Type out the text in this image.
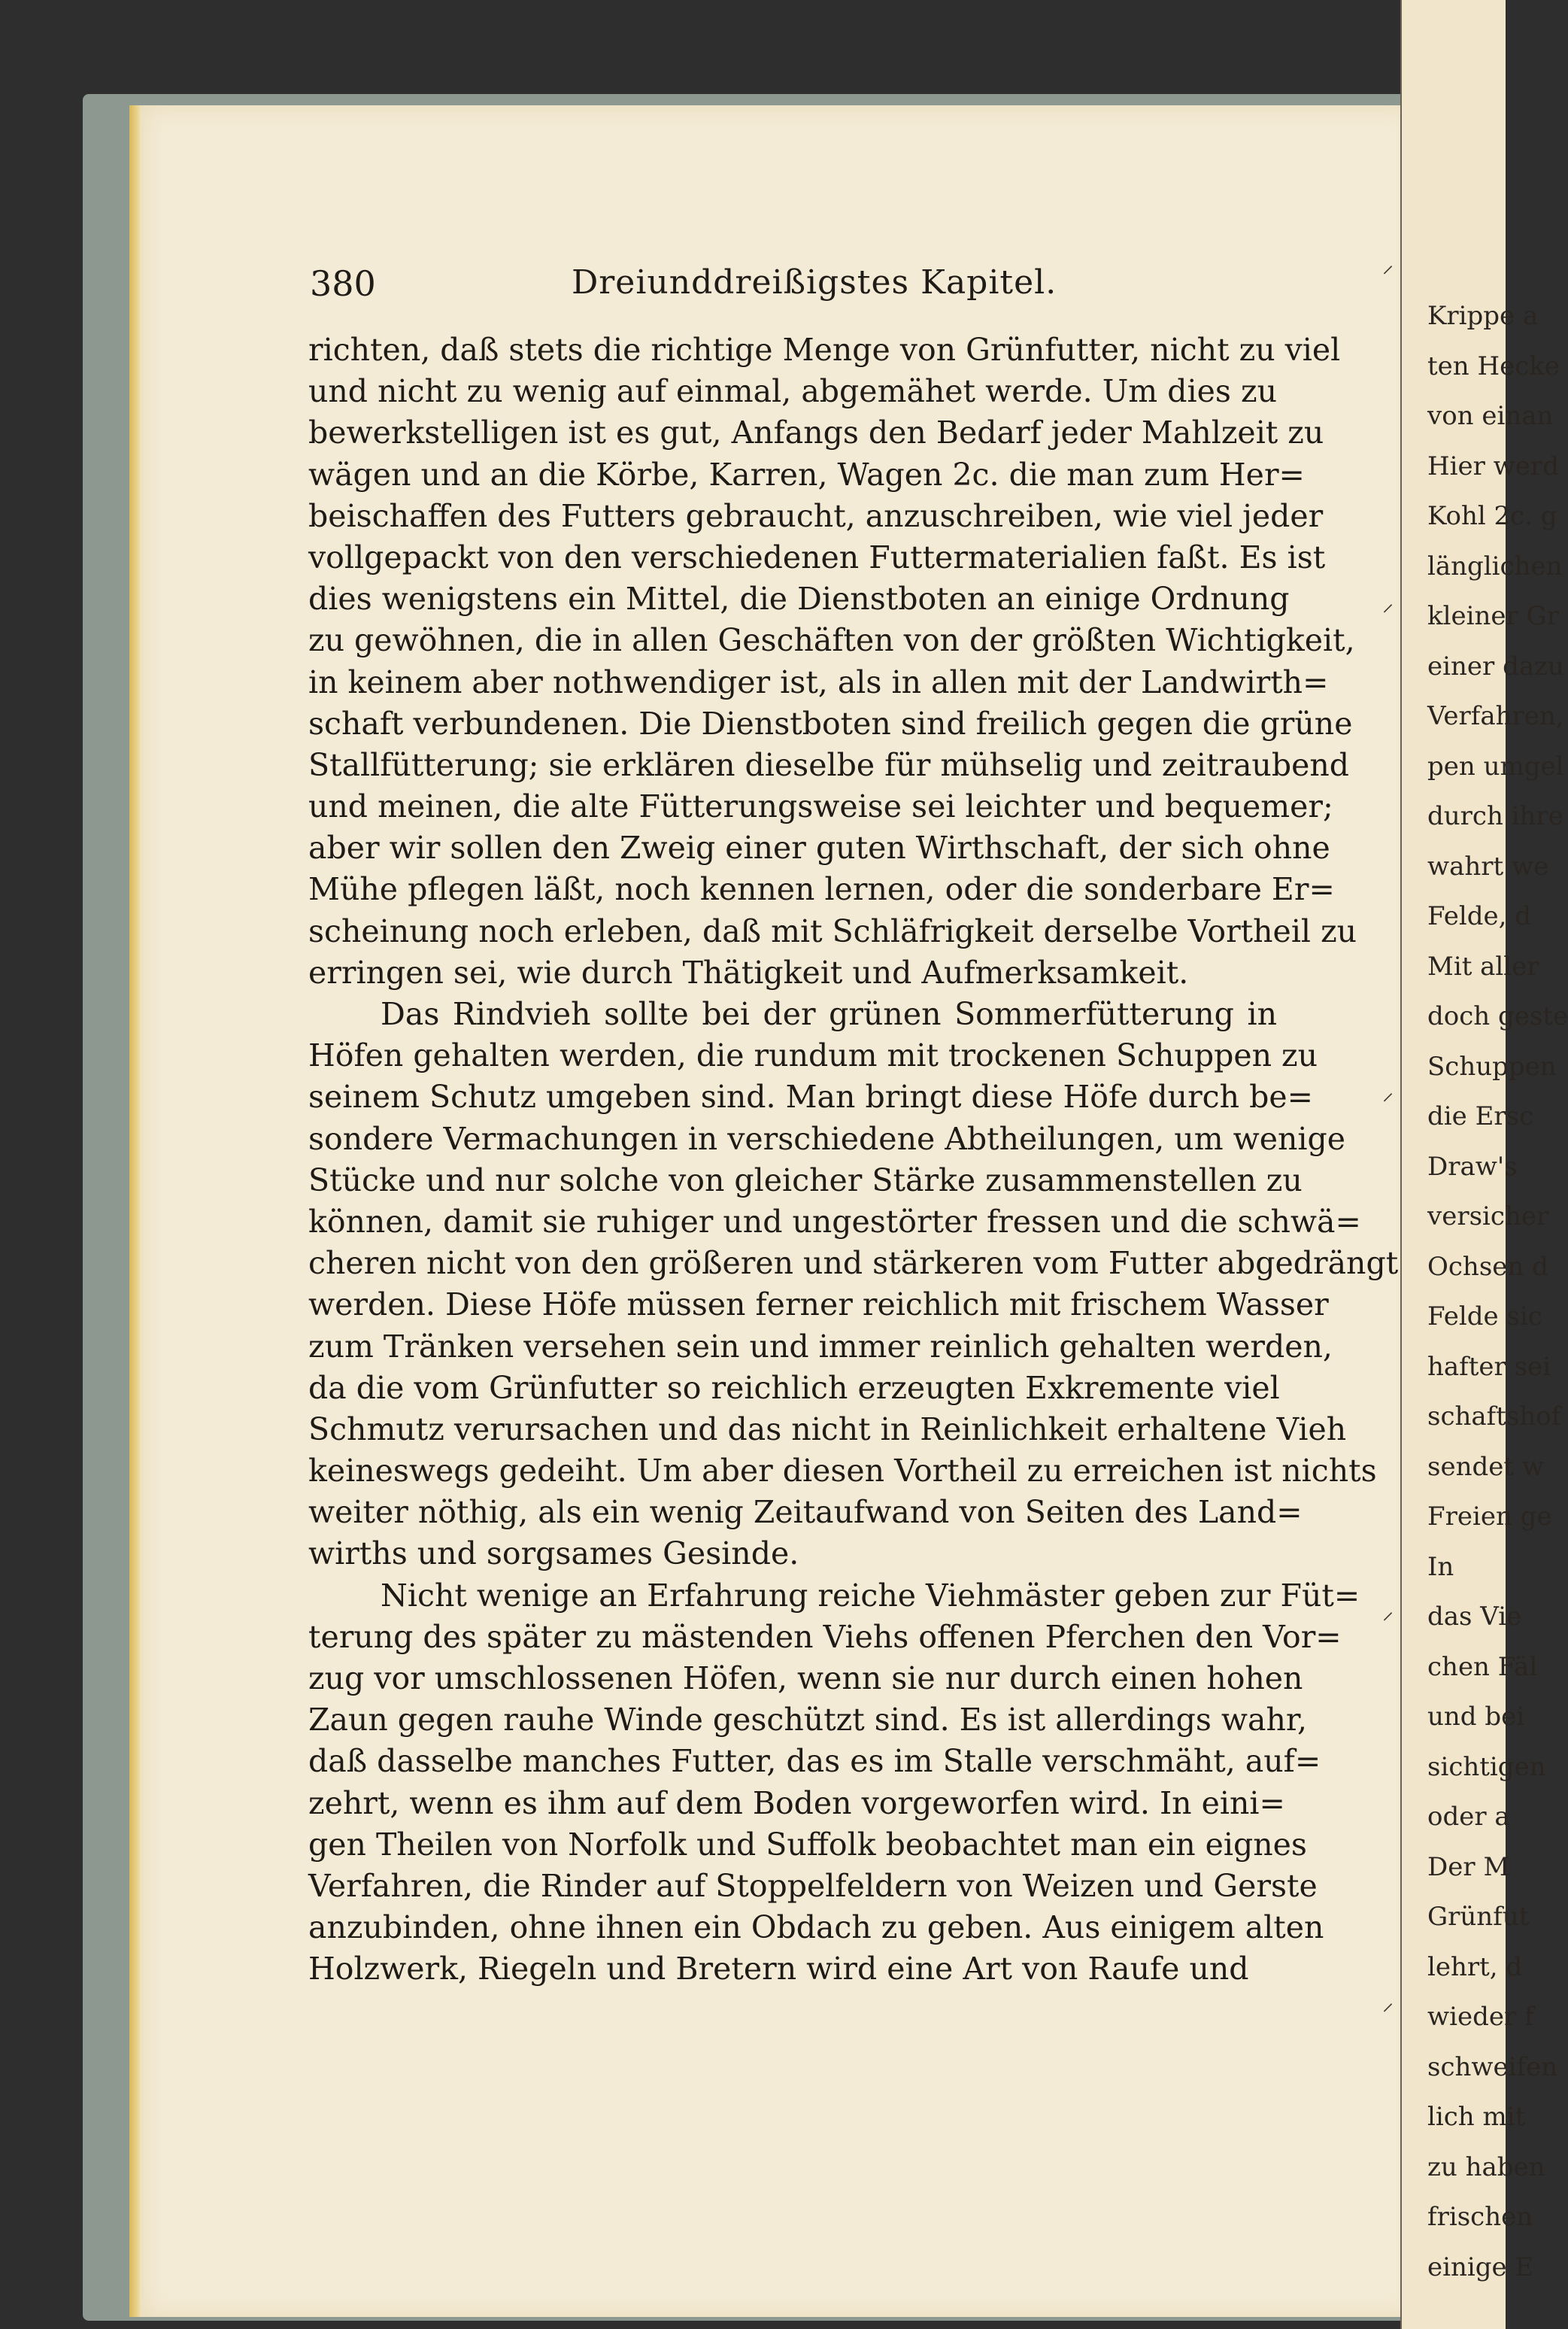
Krippe a
ten Hecke
von einan
Hier werd
Kohl 2c. g
länglichen
kleiner Gr
einer dazu
Verfahren,
pen umgel
durch ihre
wahrt we
Felde, d
Mit aller
doch geste
Schuppen
die Ersc
Draw's
versicher
Ochsen d
Felde sic
hafter sei
schaftshof
sendet w
Freien ge
In
das Vie
chen Fäl
und bei
sichtigen
oder a
Der M
Grünfut
lehrt, d
wieder f
schweifen
lich mit
zu haben
frischen
einige E
⸝
⸝
⸝
⸝
⸝
380	Dreiunddreißigstes Kapitel.
richten, daß stets die richtige Menge von Grünfutter, nicht zu viel
und nicht zu wenig auf einmal, abgemähet werde. Um dies zu
bewerkstelligen ist es gut, Anfangs den Bedarf jeder Mahlzeit zu
wägen und an die Körbe, Karren, Wagen 2c. die man zum Her=
beischaffen des Futters gebraucht, anzuschreiben, wie viel jeder
vollgepackt von den verschiedenen Futtermaterialien faßt. Es ist
dies wenigstens ein Mittel, die Dienstboten an einige Ordnung
zu gewöhnen, die in allen Geschäften von der größten Wichtigkeit,
in keinem aber nothwendiger ist, als in allen mit der Landwirth=
schaft verbundenen. Die Dienstboten sind freilich gegen die grüne
Stallfütterung; sie erklären dieselbe für mühselig und zeitraubend
und meinen, die alte Fütterungsweise sei leichter und bequemer;
aber wir sollen den Zweig einer guten Wirthschaft, der sich ohne
Mühe pflegen läßt, noch kennen lernen, oder die sonderbare Er=
scheinung noch erleben, daß mit Schläfrigkeit derselbe Vortheil zu
erringen sei, wie durch Thätigkeit und Aufmerksamkeit.
Das Rindvieh sollte bei der grünen Sommerfütterung in
Höfen gehalten werden, die rundum mit trockenen Schuppen zu
seinem Schutz umgeben sind. Man bringt diese Höfe durch be=
sondere Vermachungen in verschiedene Abtheilungen, um wenige
Stücke und nur solche von gleicher Stärke zusammenstellen zu
können, damit sie ruhiger und ungestörter fressen und die schwä=
cheren nicht von den größeren und stärkeren vom Futter abgedrängt
werden. Diese Höfe müssen ferner reichlich mit frischem Wasser
zum Tränken versehen sein und immer reinlich gehalten werden,
da die vom Grünfutter so reichlich erzeugten Exkremente viel
Schmutz verursachen und das nicht in Reinlichkeit erhaltene Vieh
keineswegs gedeiht. Um aber diesen Vortheil zu erreichen ist nichts
weiter nöthig, als ein wenig Zeitaufwand von Seiten des Land=
wirths und sorgsames Gesinde.
Nicht wenige an Erfahrung reiche Viehmäster geben zur Füt=
terung des später zu mästenden Viehs offenen Pferchen den Vor=
zug vor umschlossenen Höfen, wenn sie nur durch einen hohen
Zaun gegen rauhe Winde geschützt sind. Es ist allerdings wahr,
daß dasselbe manches Futter, das es im Stalle verschmäht, auf=
zehrt, wenn es ihm auf dem Boden vorgeworfen wird. In eini=
gen Theilen von Norfolk und Suffolk beobachtet man ein eignes
Verfahren, die Rinder auf Stoppelfeldern von Weizen und Gerste
anzubinden, ohne ihnen ein Obdach zu geben. Aus einigem alten
Holzwerk, Riegeln und Bretern wird eine Art von Raufe und
